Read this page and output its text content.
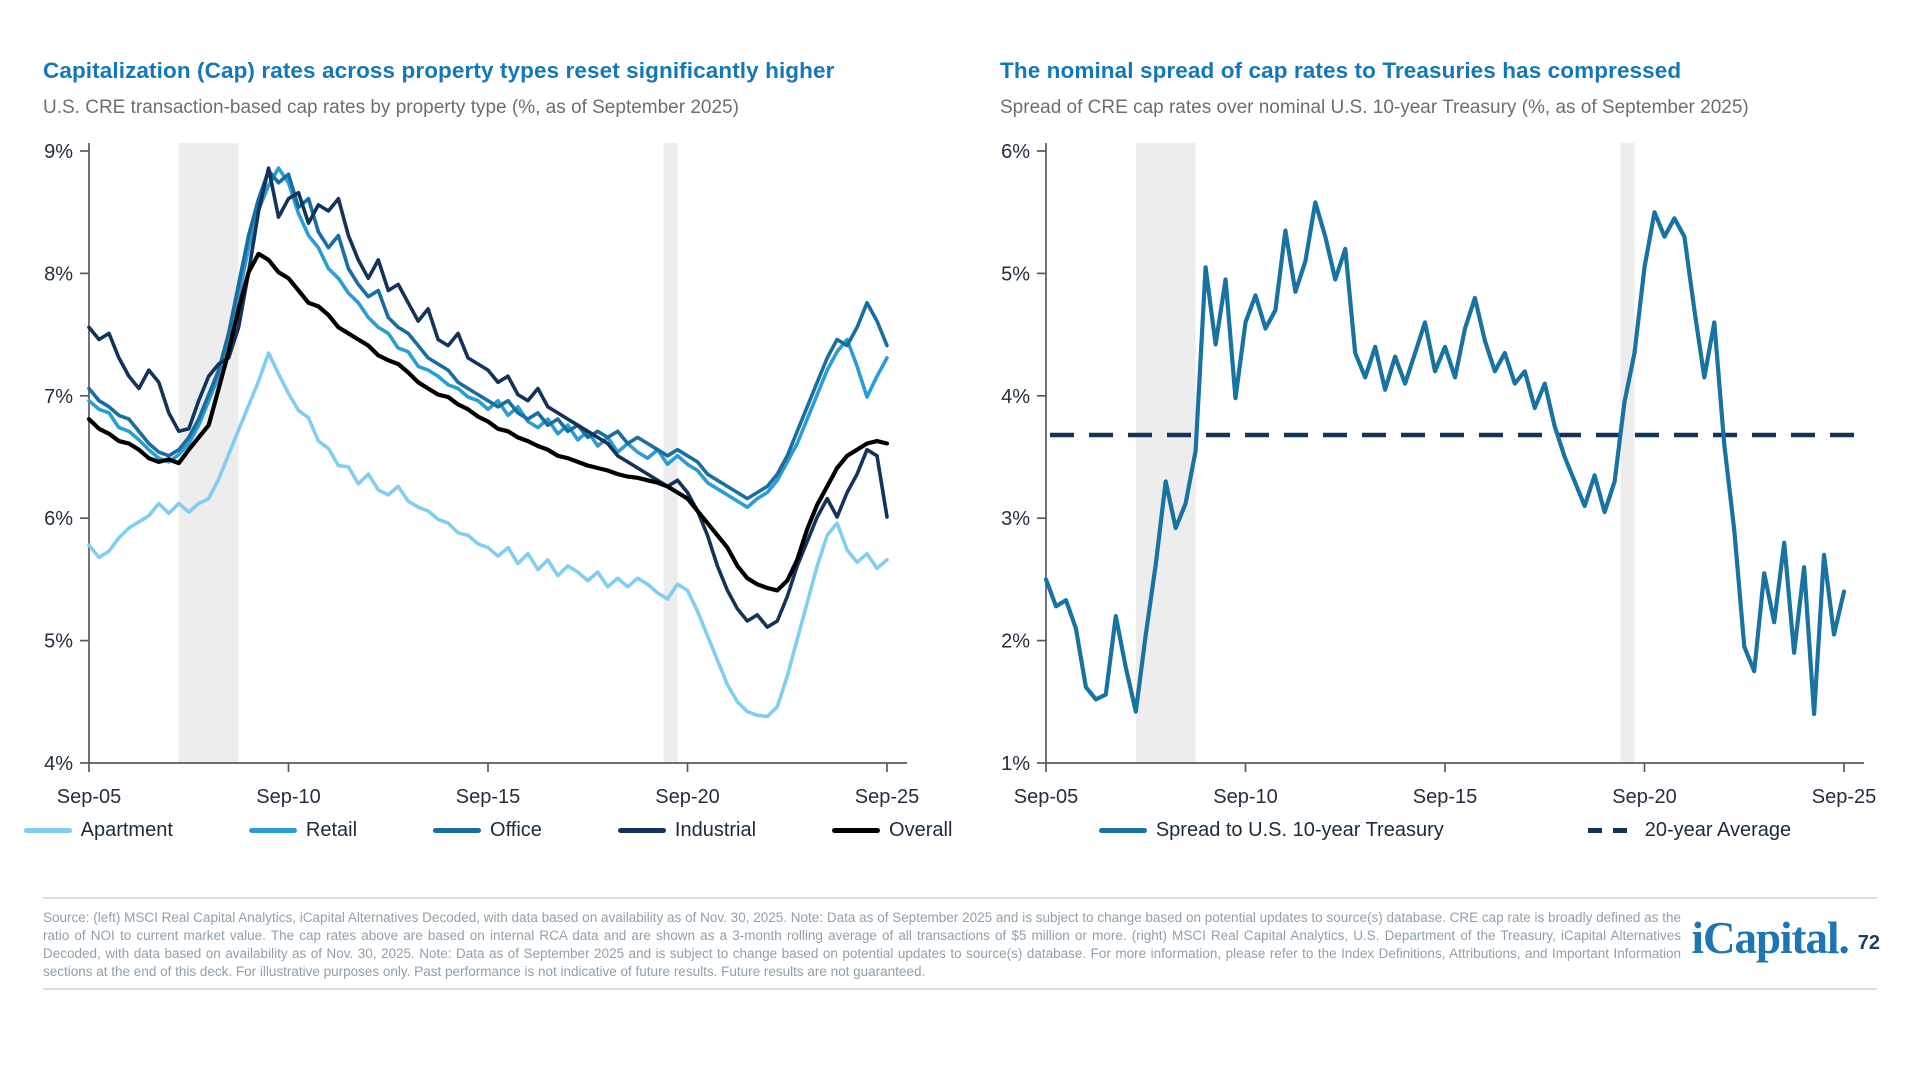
Capitalization (Cap) rates across property types reset significantly higher
U.S. CRE transaction-based cap rates by property type (%, as of September 2025)
9%
8%
7%
6%
5%
4%
Sep-05	Sep-10	Sep-15	Sep-20	Sep-25
Apartment	Retail	Office	Industrial	Overall
The nominal spread of cap rates to Treasuries has compressed
Spread of CRE cap rates over nominal U.S. 10-year Treasury (%, as of September 2025)
6%
5%
4%
3%
2%
1%
Sep-05	Sep-10	Sep-15	Sep-20	Sep-25
Spread to U.S. 10-year Treasury	20-year Average
Source: (left) MSCI Real Capital Analytics, iCapital Alternatives Decoded, with data based on availability as of Nov. 30, 2025. Note: Data as of September 2025 and is subject to change based on potential updates to source(s) database. CRE cap rate is broadly defined as the ratio of NOI to current market value. The cap rates above are based on internal RCA data and are shown as a 3-month rolling average of all transactions of $5 million or more. (right) MSCI Real Capital Analytics, U.S. Department of the Treasury, iCapital Alternatives Decoded, with data based on availability as of Nov. 30, 2025. Note: Data as of September 2025 and is subject to change based on potential updates to source(s) database. For more information, please refer to the Index Definitions, Attributions, and Important Information sections at the end of this deck. For illustrative purposes only. Past performance is not indicative of future results. Future results are not guaranteed.
iCapital. 72
